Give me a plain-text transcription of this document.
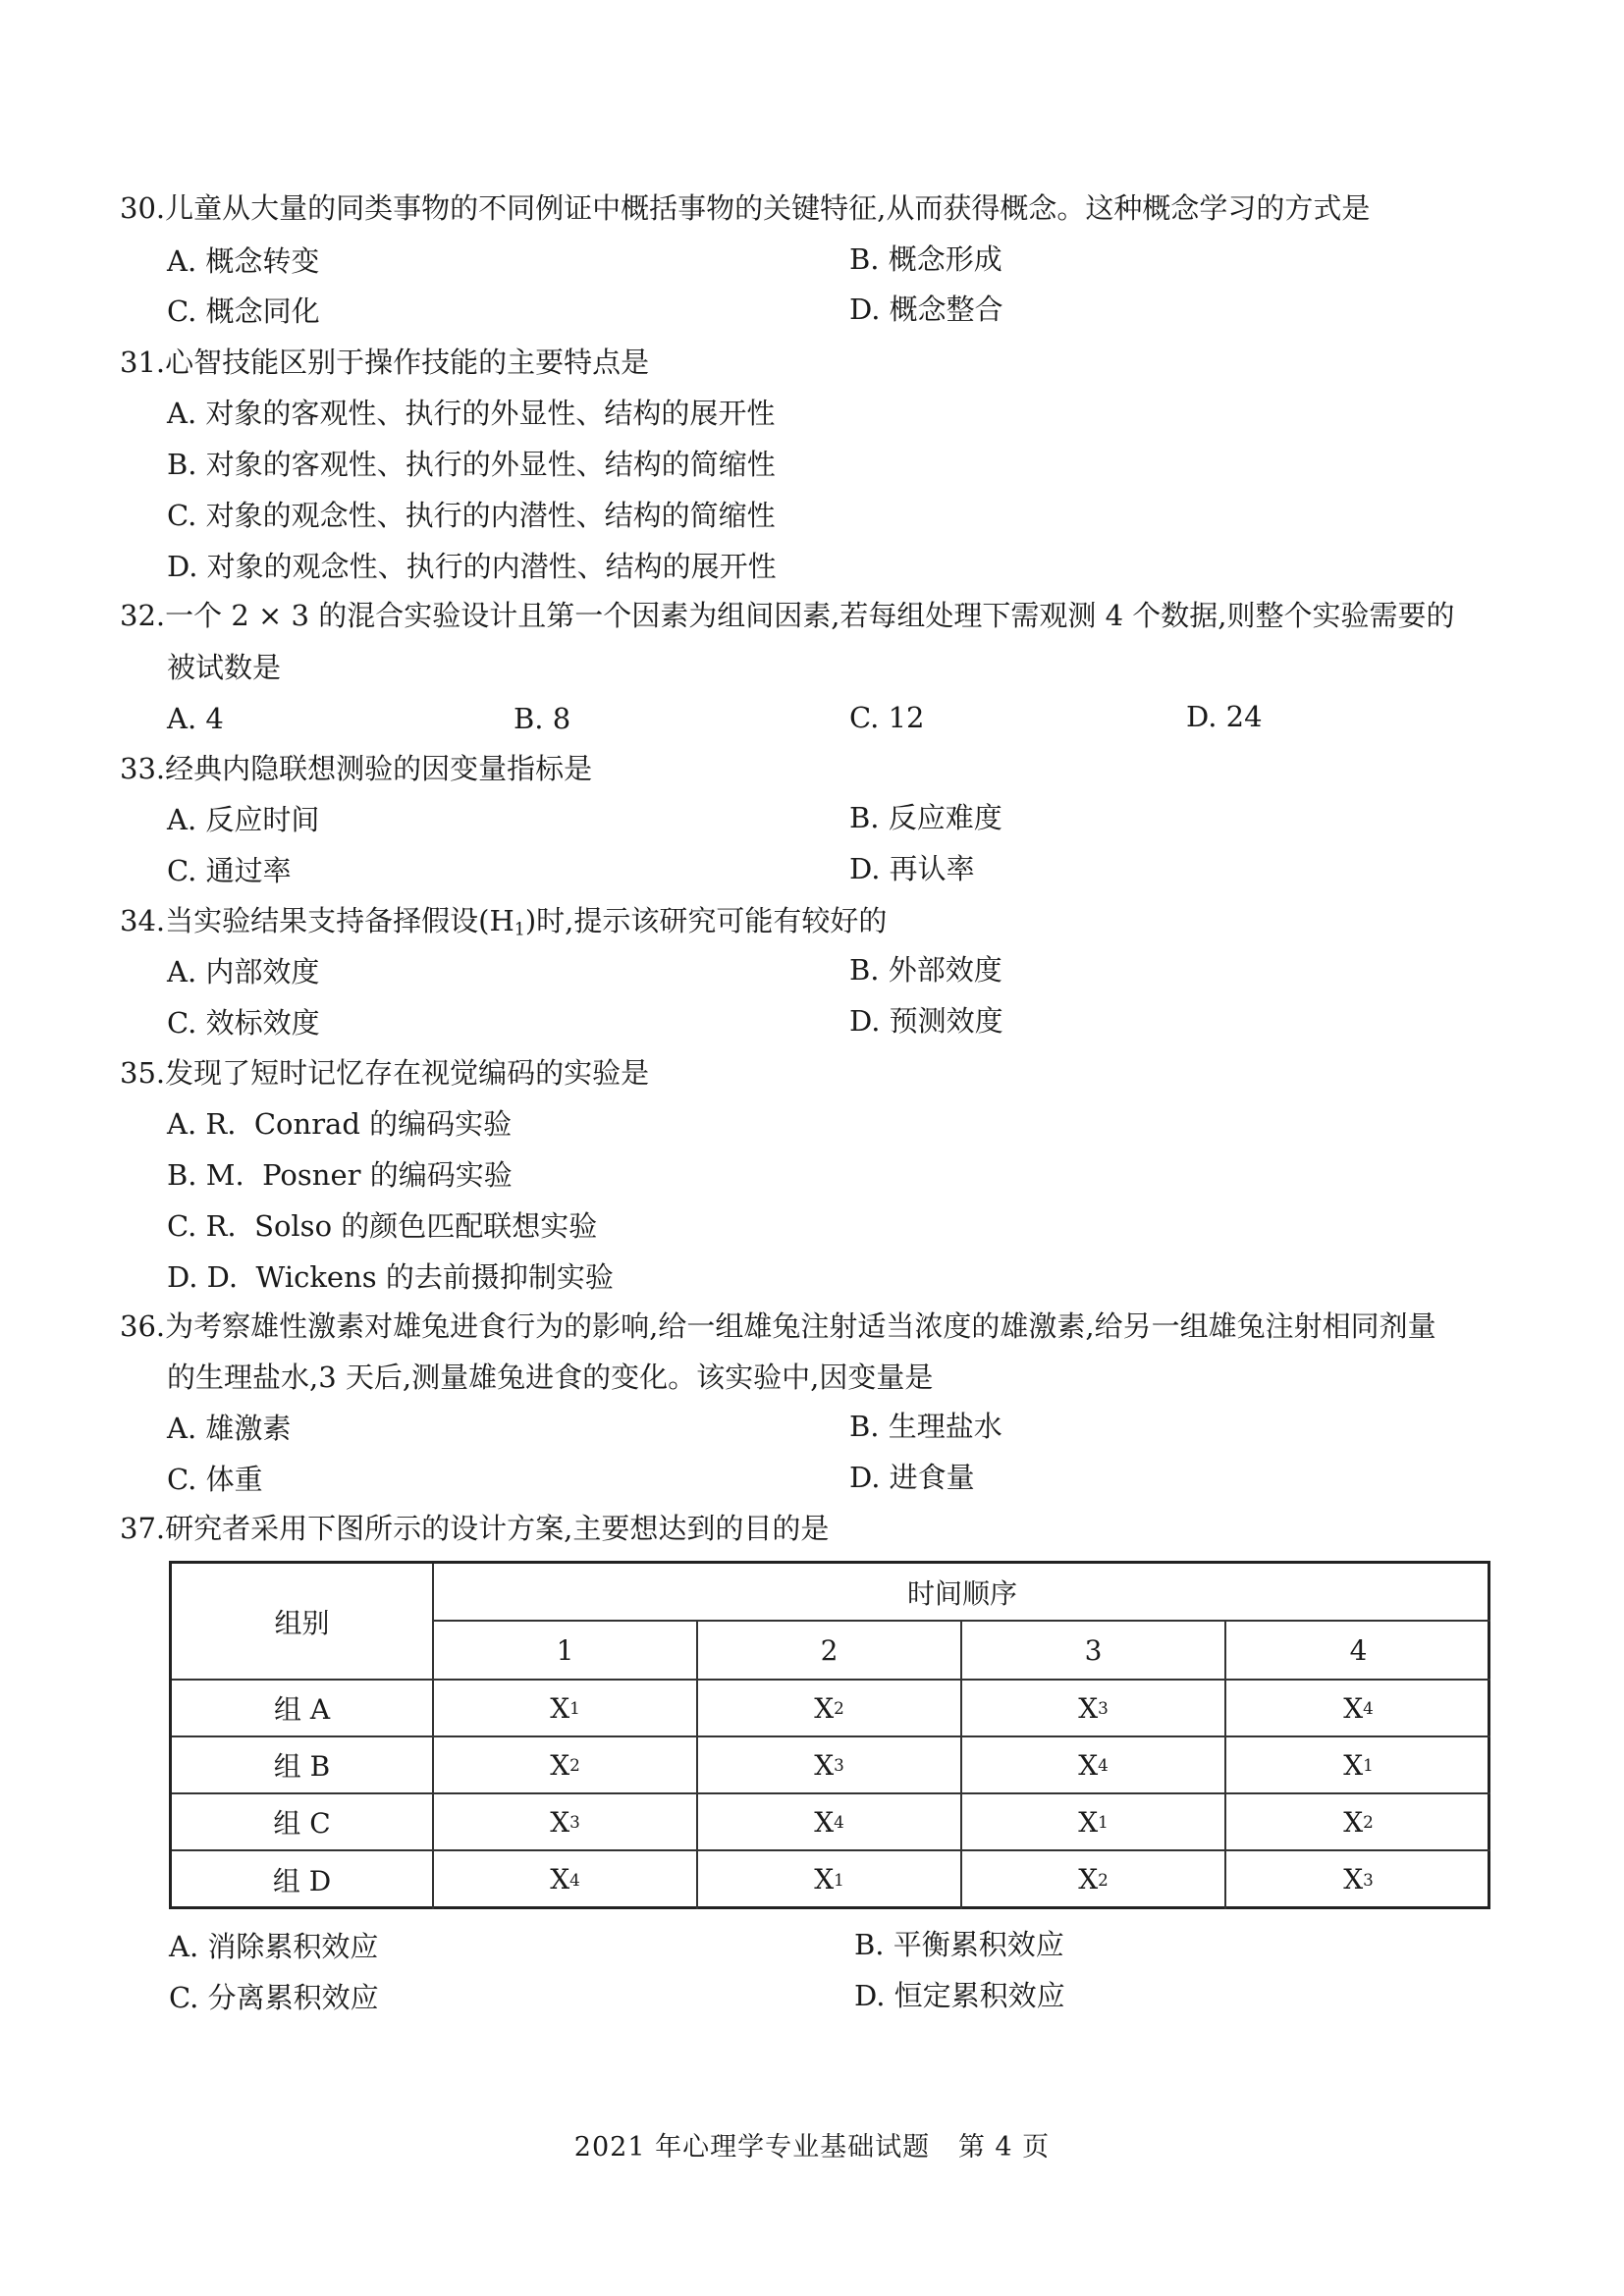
30.儿童从大量的同类事物的不同例证中概括事物的关键特征,从而获得概念。这种概念学习的方式是
A. 概念转变	B. 概念形成
C. 概念同化	D. 概念整合
31.心智技能区别于操作技能的主要特点是
A. 对象的客观性、执行的外显性、结构的展开性
B. 对象的客观性、执行的外显性、结构的简缩性
C. 对象的观念性、执行的内潜性、结构的简缩性
D. 对象的观念性、执行的内潜性、结构的展开性
32.一个 2 × 3 的混合实验设计且第一个因素为组间因素,若每组处理下需观测 4 个数据,则整个实验需要的
被试数是
A. 4	B. 8	C. 12	D. 24
33.经典内隐联想测验的因变量指标是
A. 反应时间	B. 反应难度
C. 通过率	D. 再认率
34.当实验结果支持备择假设$(H_1)$时,提示该研究可能有较好的
A. 内部效度	B. 外部效度
C. 效标效度	D. 预测效度
35.发现了短时记忆存在视觉编码的实验是
A. R.  Conrad 的编码实验
B. M.  Posner 的编码实验
C. R.  Solso 的颜色匹配联想实验
D. D.  Wickens 的去前摄抑制实验
36.为考察雄性激素对雄兔进食行为的影响,给一组雄兔注射适当浓度的雄激素,给另一组雄兔注射相同剂量
的生理盐水,3 天后,测量雄兔进食的变化。该实验中,因变量是
A. 雄激素	B. 生理盐水
C. 体重	D. 进食量
37.研究者采用下图所示的设计方案,主要想达到的目的是
组别
时间顺序
1	2	3	4
组 A	X 1	X 2	X 3	X 4
组 B	X 2	X 3	X 4	X 1
组 C	X 3	X 4	X 1	X 2
组 D	X 4	X 1	X 2	X 3
A. 消除累积效应	B. 平衡累积效应
C. 分离累积效应	D. 恒定累积效应
2021 年心理学专业基础试题   第 4 页
